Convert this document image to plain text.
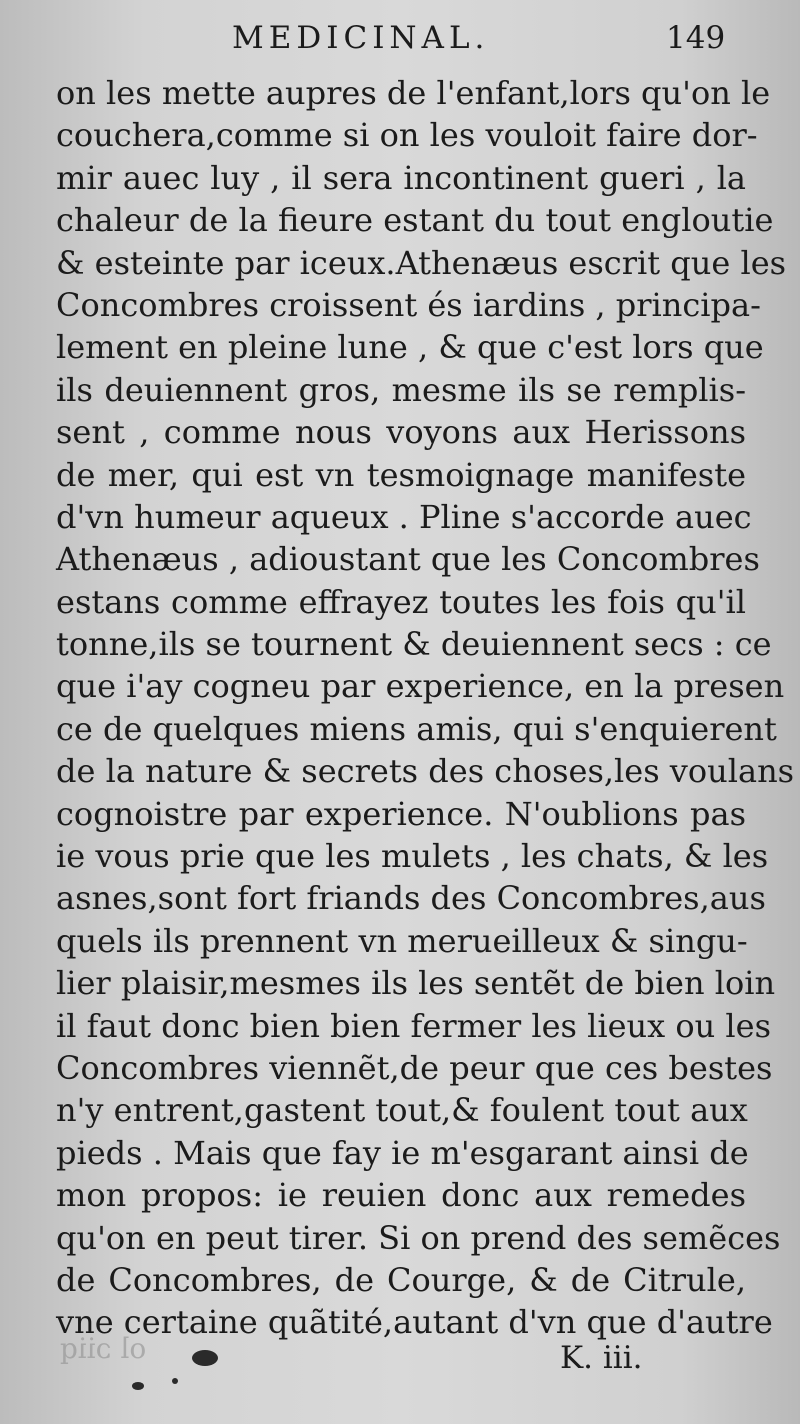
MEDICINAL.	149
on les mette aupres de l'enfant,lors qu'on le
couchera,comme si on les vouloit faire dor-
mir auec luy , il sera incontinent gueri , la
chaleur de la fieure estant du tout engloutie
& esteinte par iceux.Athenæus escrit que les
Concombres croissent és iardins , principa-
lement en pleine lune , & que c'est lors que
ils deuiennent gros, mesme ils se remplis-
sent , comme nous voyons aux Herissons
de mer, qui est vn tesmoignage manifeste
d'vn humeur aqueux . Pline s'accorde auec
Athenæus , adioustant que les Concombres
estans comme effrayez toutes les fois qu'il
tonne,ils se tournent & deuiennent secs : ce
que i'ay cogneu par experience, en la presen
ce de quelques miens amis, qui s'enquierent
de la nature & secrets des choses,les voulans
cognoistre par experience. N'oublions pas
ie vous prie que les mulets , les chats, & les
asnes,sont fort friands des Concombres,aus
quels ils prennent vn merueilleux & singu-
lier plaisir,mesmes ils les sentẽt de bien loin
il faut donc bien bien fermer les lieux ou les
Concombres viennẽt,de peur que ces bestes
n'y entrent,gastent tout,& foulent tout aux
pieds . Mais que fay ie m'esgarant ainsi de
mon propos: ie reuien donc aux remedes
qu'on en peut tirer. Si on prend des semẽces
de Concombres, de Courge, & de Citrule,
vne certaine quãtité,autant d'vn que d'autre
ol ɔiiq	K. iii.
